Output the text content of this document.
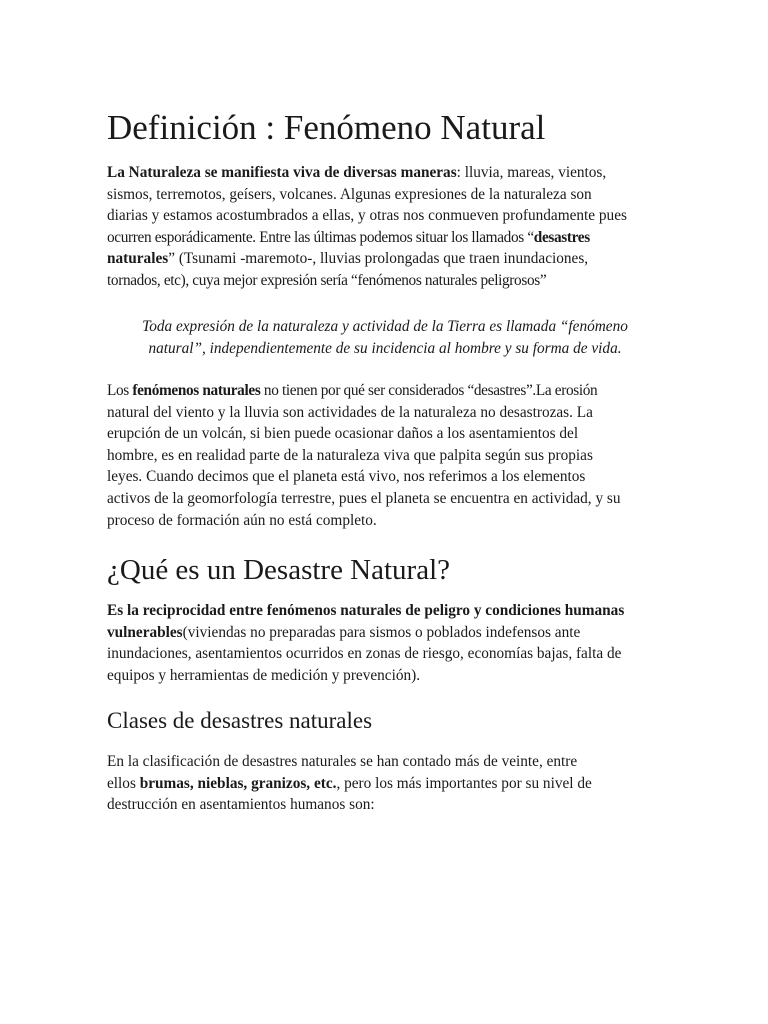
Definición : Fenómeno Natural

La Naturaleza se manifiesta viva de diversas maneras: lluvia, mareas, vientos,
sismos, terremotos, geísers, volcanes. Algunas expresiones de la naturaleza son
diarias y estamos acostumbrados a ellas, y otras nos conmueven profundamente pues
ocurren esporádicamente. Entre las últimas podemos situar los llamados “desastres
naturales” (Tsunami -maremoto-, lluvias prolongadas que traen inundaciones,
tornados, etc), cuya mejor expresión sería “fenómenos naturales peligrosos”

Toda expresión de la naturaleza y actividad de la Tierra es llamada “fenómeno
natural”, independientemente de su incidencia al hombre y su forma de vida.

Los fenómenos naturales no tienen por qué ser considerados “desastres”.La erosión
natural del viento y la lluvia son actividades de la naturaleza no desastrozas. La
erupción de un volcán, si bien puede ocasionar daños a los asentamientos del
hombre, es en realidad parte de la naturaleza viva que palpita según sus propias
leyes. Cuando decimos que el planeta está vivo, nos referimos a los elementos
activos de la geomorfología terrestre, pues el planeta se encuentra en actividad, y su
proceso de formación aún no está completo.

¿Qué es un Desastre Natural?

Es la reciprocidad entre fenómenos naturales de peligro y condiciones humanas
vulnerables(viviendas no preparadas para sismos o poblados indefensos ante
inundaciones, asentamientos ocurridos en zonas de riesgo, economías bajas, falta de
equipos y herramientas de medición y prevención).

Clases de desastres naturales

En la clasificación de desastres naturales se han contado más de veinte, entre
ellos brumas, nieblas, granizos, etc., pero los más importantes por su nivel de
destrucción en asentamientos humanos son:
